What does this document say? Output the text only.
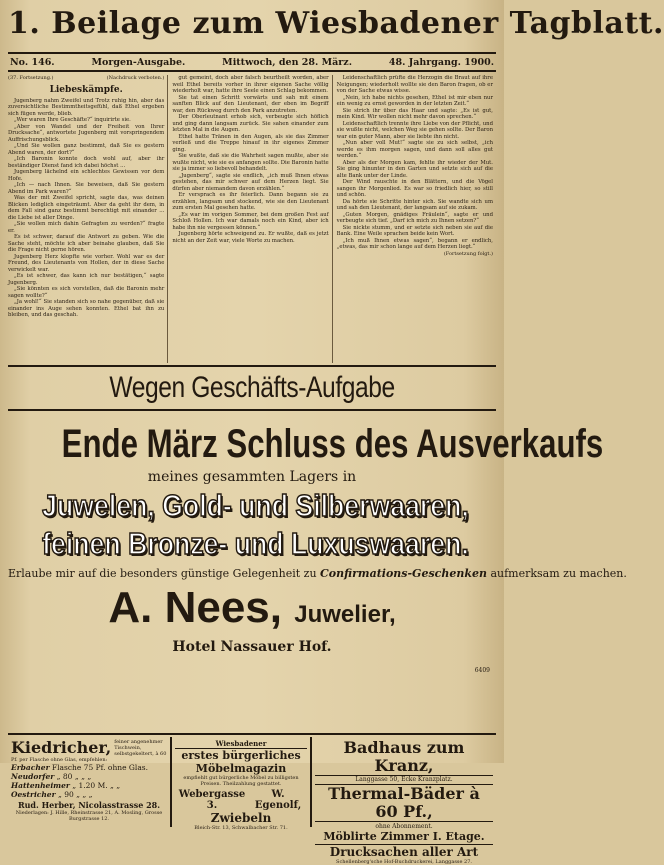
1. Beilage zum Wiesbadener Tagblatt.
No. 146.	Morgen-Ausgabe.	Mittwoch, den 28. März.	48. Jahrgang. 1900.
(37. Fortsetzung.)	(Nachdruck verboten.)
Liebeskämpfe.

Jugenberg nahm Zweifel und Trotz ruhig hin, aber das zuversichtliche Bestimmtheitsgefühl, daß Ethel ergeben sich fügen werde, blieb.

„Wer waren Ihre Geschäfte?“ inquirirte sie.

„Aber von Wandel und der Freiheit von Ihrer Drucksache“, antwortete Jugenberg mit vorspringendem Auffrischungsblick.

„Und Sie wollen ganz bestimmt, daß Sie es gestern Abend waren, der dort?“

„Ich Baronin konnte doch wohl auf, aber ihr beständiger Dienst fand ich dabei höchst ...

Jugenberg lächelnd ein schlechtes Gewissen vor dem Hofe.

„Ich — nach Ihnen. Sie beweisen, daß Sie gestern Abend im Park waren?“

Was der mit Zweifel spricht, sagte das, was deinen Blicken lediglich eingeträumt. Aber da geht ihr dem, in dem Fall sind ganz bestimmt berechtigt mit einander ... die Liebe ist aller Dinge.

„Sie wollen mich dahin Gefragten zu werden?“ fragte er.

Es ist schwer, darauf die Antwort zu geben. Wie die Sache steht, möchte ich aber beinahe glauben, daß Sie die Frage nicht gerne hören.

Jugenberg Herz klopfte wie vorher. Wohl war es der Freund, des Lieutenants von Hollen, der in diese Sache verwickelt war.

„Es ist schwer, das kann ich nur bestätigen,“ sagte Jugenberg.

„Sie könnten es sich vorstellen, daß die Baronin mehr sagen wollte?“

„Ja wohl!“ Sie standen sich so nahe gegenüber, daß sie einander ins Auge sehen konnten. Ethel bat ihn zu bleiben, und das geschah.

gut gemeint, doch aber falsch beurtheilt worden, aber weil Ethel bereits vorher in ihrer eigenen Sache völlig wiederholt war, hatte ihre Seele einen Schlag bekommen.

Sie tat einen Schritt vorwärts und sah mit einem sanften Blick auf den Lieutenant, der eben im Begriff war, den Rückweg durch den Park anzutreten.

Der Oberleutnant erhob sich, verbeugte sich höflich und ging dann langsam zurück. Sie sahen einander zum letzten Mal in die Augen.

Ethel hatte Tränen in den Augen, als sie das Zimmer verließ und die Treppe hinauf in ihr eigenes Zimmer ging.

Sie wußte, daß sie die Wahrheit sagen mußte, aber sie wußte nicht, wie sie es anfangen sollte. Die Baronin hatte sie ja immer so liebevoll behandelt.

„Jugenberg“, sagte sie endlich, „ich muß Ihnen etwas gestehen, das mir schwer auf dem Herzen liegt. Sie dürfen aber niemandem davon erzählen.“

Er versprach es ihr feierlich. Dann begann sie zu erzählen, langsam und stockend, wie sie den Lieutenant zum ersten Mal gesehen hatte.

„Es war im vorigen Sommer, bei dem großen Fest auf Schloß Hollen. Ich war damals noch ein Kind, aber ich habe ihn nie vergessen können.“

Jugenberg hörte schweigend zu. Er wußte, daß es jetzt nicht an der Zeit war, viele Worte zu machen.

Leidenschaftlich prüfte die Herzogin die Braut auf ihre Neigungen; wiederholt wollte sie den Baron fragen, ob er von der Sache etwas wisse.

„Nein, ich habe nichts gesehen, Ethel ist mir eben nur ein wenig zu ernst geworden in der letzten Zeit.“

Sie strich ihr über das Haar und sagte: „Es ist gut, mein Kind. Wir wollen nicht mehr davon sprechen.“

Leidenschaftlich trennte ihre Liebe von der Pflicht, und sie wußte nicht, welchen Weg sie gehen sollte. Der Baron war ein guter Mann, aber sie liebte ihn nicht.

„Nun aber voll Mut!“ sagte sie zu sich selbst, „ich werde es ihm morgen sagen, und dann soll alles gut werden.“

Aber als der Morgen kam, fehlte ihr wieder der Mut. Sie ging hinunter in den Garten und setzte sich auf die alte Bank unter der Linde.

Der Wind rauschte in den Blättern, und die Vögel sangen ihr Morgenlied. Es war so friedlich hier, so still und schön.

Da hörte sie Schritte hinter sich. Sie wandte sich um und sah den Lieutenant, der langsam auf sie zukam.

„Guten Morgen, gnädiges Fräulein“, sagte er und verbeugte sich tief. „Darf ich mich zu Ihnen setzen?“

Sie nickte stumm, und er setzte sich neben sie auf die Bank. Eine Weile sprachen beide kein Wort.

„Ich muß Ihnen etwas sagen“, begann er endlich, „etwas, das mir schon lange auf dem Herzen liegt.“

(Fortsetzung folgt.)
Wegen Geschäfts-Aufgabe
Ende März Schluss des Ausverkaufs
meines gesammten Lagers in
Juwelen, Gold- und Silberwaaren,
feinen Bronze- und Luxuswaaren.
Erlaube mir auf die besonders günstige Gelegenheit zu Confirmations-Geschenken aufmerksam zu machen.
A. Nees, Juwelier,
Hotel Nassauer Hof.
6409
Kiedricher, feiner angenehmer Tischwein, selbstgekeltert, à 60 Pf. per Flasche ohne Glas, empfehlen:
Erbacher Flasche 75 Pf. ohne Glas.
Neudorfer „ 80 „ „ „
Hattenheimer „ 1.20 M. „ „
Oestricher „ 90 „ „ „
Rud. Herber, Nicolasstrasse 28.
Niederlagen: J. Hille, Rheinstrasse 21, A. Mosling, Grosse Burgstrasse 12.
Wiesbadener
erstes bürgerliches Möbelmagazin
empfiehlt gut bürgerliche Möbel zu billigsten Preisen. Theilzahlung gestattet.
Webergasse 3.
W. Egenolf,
Zwiebeln
Bleich-Str. 13, Schwalbacher Str. 71.
Badhaus zum Kranz,
Langgasse 50, Ecke Kranzplatz.
Thermal-Bäder à 60 Pf.,
ohne Abonnement.
Möblirte Zimmer I. Etage.
Drucksachen aller Art
Schellenberg'sche Hof-Buchdruckerei, Langgasse 27.
